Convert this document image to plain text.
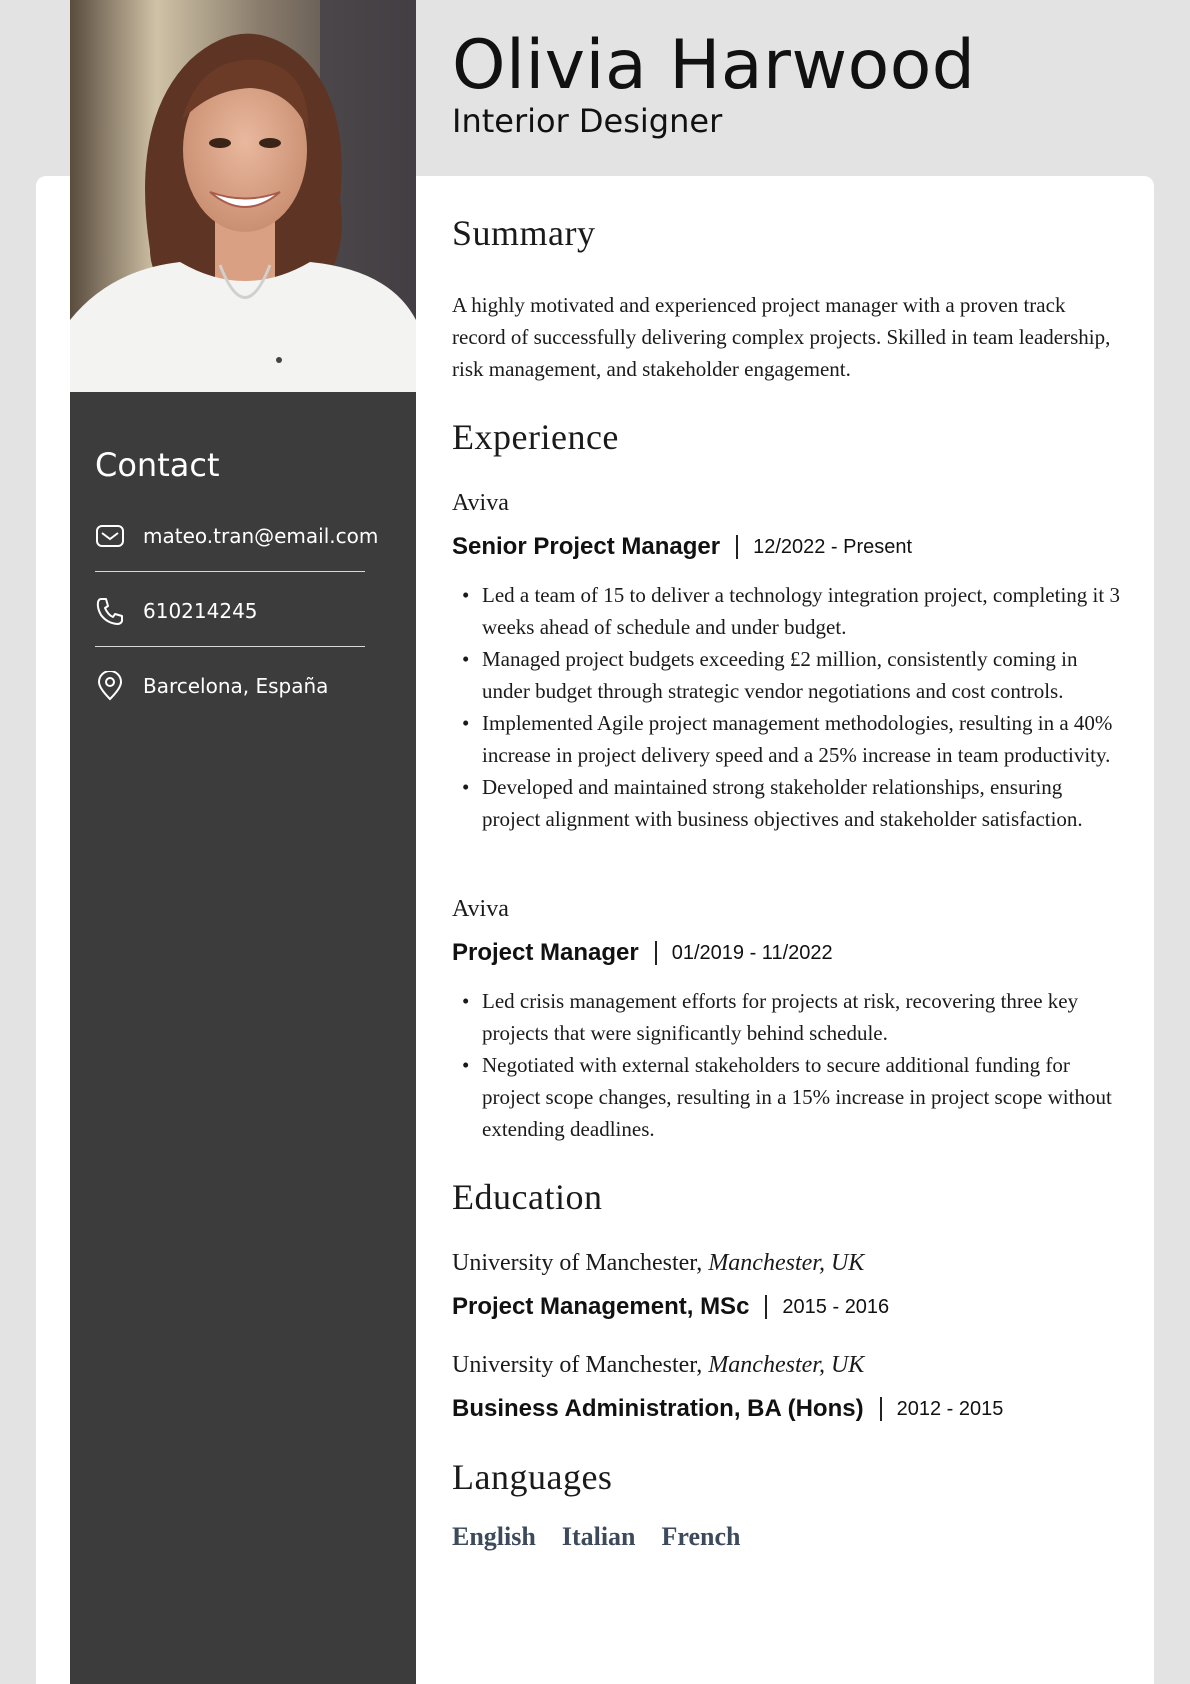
Contact
mateo.tran@email.com
610214245
Barcelona, España
Olivia Harwood
Interior Designer
Summary
A highly motivated and experienced project manager with a proven track record of successfully delivering complex projects. Skilled in team leadership, risk management, and stakeholder engagement.
Experience
Aviva
Senior Project Manager 12/2022 - Present
• Led a team of 15 to deliver a technology integration project, completing it 3 weeks ahead of schedule and under budget.
• Managed project budgets exceeding £2 million, consistently coming in under budget through strategic vendor negotiations and cost controls.
• Implemented Agile project management methodologies, resulting in a 40% increase in project delivery speed and a 25% increase in team productivity.
• Developed and maintained strong stakeholder relationships, ensuring project alignment with business objectives and stakeholder satisfaction.
Aviva
Project Manager 01/2019 - 11/2022
• Led crisis management efforts for projects at risk, recovering three key projects that were significantly behind schedule.
• Negotiated with external stakeholders to secure additional funding for project scope changes, resulting in a 15% increase in project scope without extending deadlines.
Education
University of Manchester, Manchester, UK
Project Management, MSc 2015 - 2016
University of Manchester, Manchester, UK
Business Administration, BA (Hons) 2012 - 2015
Languages
English Italian French
